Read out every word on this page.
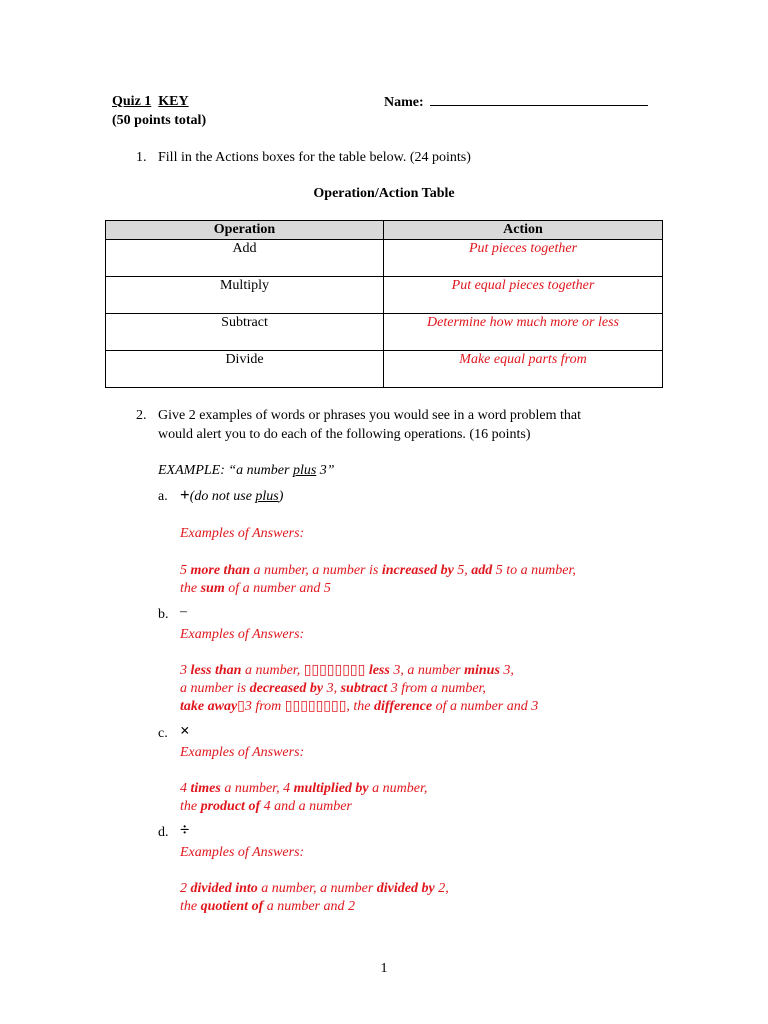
Quiz 1 KEY	Name:
(50 points total)
1. Fill in the Actions boxes for the table below. (24 points)
Operation/Action Table
Operation	Action
Add	Put pieces together
Multiply	Put equal pieces together
Subtract	Determine how much more or less
Divide	Make equal parts from
2. Give 2 examples of words or phrases you would see in a word problem that
would alert you to do each of the following operations. (16 points)
EXAMPLE: “a number plus 3”
a. +(do not use plus)
Examples of Answers:
5 more than a number, a number is increased by 5, add 5 to a number,
the sum of a number and 5
b. –
Examples of Answers:
3 less than a number, ▯▯▯▯▯▯▯▯ less 3, a number minus 3,
a number is decreased by 3, subtract 3 from a number,
take away▯3 from ▯▯▯▯▯▯▯▯, the difference of a number and 3
c. ×
Examples of Answers:
4 times a number, 4 multiplied by a number,
the product of 4 and a number
d. ÷
Examples of Answers:
2 divided into a number, a number divided by 2,
the quotient of a number and 2
1
